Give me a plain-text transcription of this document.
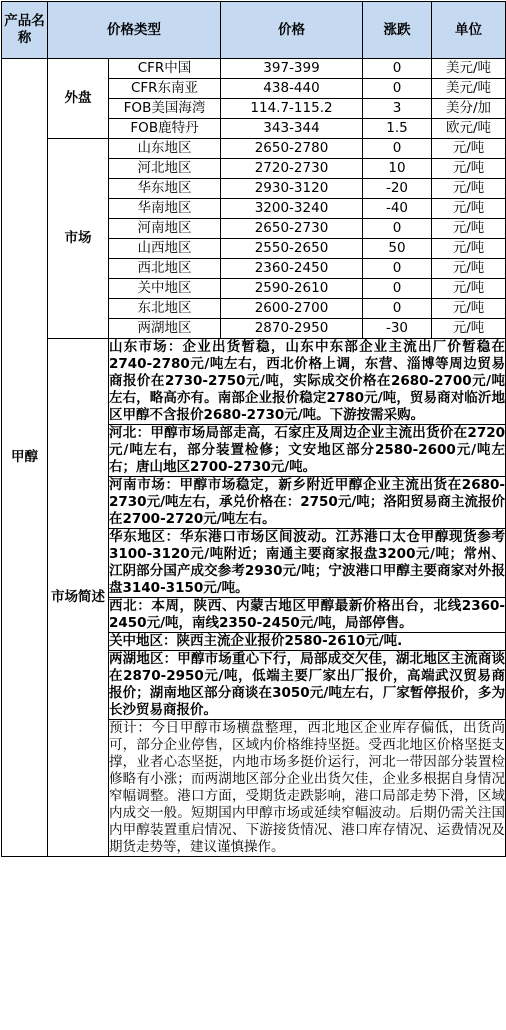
产品名称	价格类型		价格	涨跌	单位
甲醇	外盘	CFR中国	397-399	0	美元/吨
		CFR东南亚	438-440	0	美元/吨
		FOB美国海湾	114.7-115.2	3	美分/加
		FOB鹿特丹	343-344	1.5	欧元/吨
	市场	山东地区	2650-2780	0	元/吨
		河北地区	2720-2730	10	元/吨
		华东地区	2930-3120	-20	元/吨
		华南地区	3200-3240	-40	元/吨
		河南地区	2650-2730	0	元/吨
		山西地区	2550-2650	50	元/吨
		西北地区	2360-2450	0	元/吨
		关中地区	2590-2610	0	元/吨
		东北地区	2600-2700	0	元/吨
		两湖地区	2870-2950	-30	元/吨
	市场简述	山东市场：企业出货暂稳，山东中东部企业主流出厂价暂稳在2740-2780元/吨左右，西北价格上调，东营、淄博等周边贸易商报价在2730-2750元/吨，实际成交价格在2680-2700元/吨左右，略高亦有。南部企业报价稳定2780元/吨，贸易商对临沂地区甲醇不含报价2680-2730元/吨。下游按需采购。			
		河北：甲醇市场局部走高，石家庄及周边企业主流出货价在2720元/吨左右，部分装置检修；文安地区部分2580-2600元/吨左右；唐山地区2700-2730元/吨。			
		河南市场：甲醇市场稳定，新乡附近甲醇企业主流出货在2680-2730元/吨左右，承兑价格在：2750元/吨；洛阳贸易商主流报价在2700-2720元/吨左右。			
		华东地区：华东港口市场区间波动。江苏港口太仓甲醇现货参考3100-3120元/吨附近；南通主要商家报盘3200元/吨；常州、江阴部分国产成交参考2930元/吨；宁波港口甲醇主要商家对外报盘3140-3150元/吨。			
		西北：本周，陕西、内蒙古地区甲醇最新价格出台，北线2360-2450元/吨，南线2350-2450元/吨，局部停售。			
		关中地区：陕西主流企业报价2580-2610元/吨.			
		两湖地区：甲醇市场重心下行，局部成交欠佳，湖北地区主流商谈在2870-2950元/吨，低端主要厂家出厂报价，高端武汉贸易商报价；湖南地区部分商谈在3050元/吨左右，厂家暂停报价，多为长沙贸易商报价。			
		预计：今日甲醇市场横盘整理，西北地区企业库存偏低，出货尚可，部分企业停售，区域内价格维持坚挺。受西北地区价格坚挺支撑，业者心态坚挺，内地市场多挺价运行，河北一带因部分装置检修略有小涨；而两湖地区部分企业出货欠佳，企业多根据自身情况窄幅调整。港口方面，受期货走跌影响，港口局部走势下滑，区域内成交一般。短期国内甲醇市场或延续窄幅波动。后期仍需关注国内甲醇装置重启情况、下游接货情况、港口库存情况、运费情况及期货走势等，建议谨慎操作。			
